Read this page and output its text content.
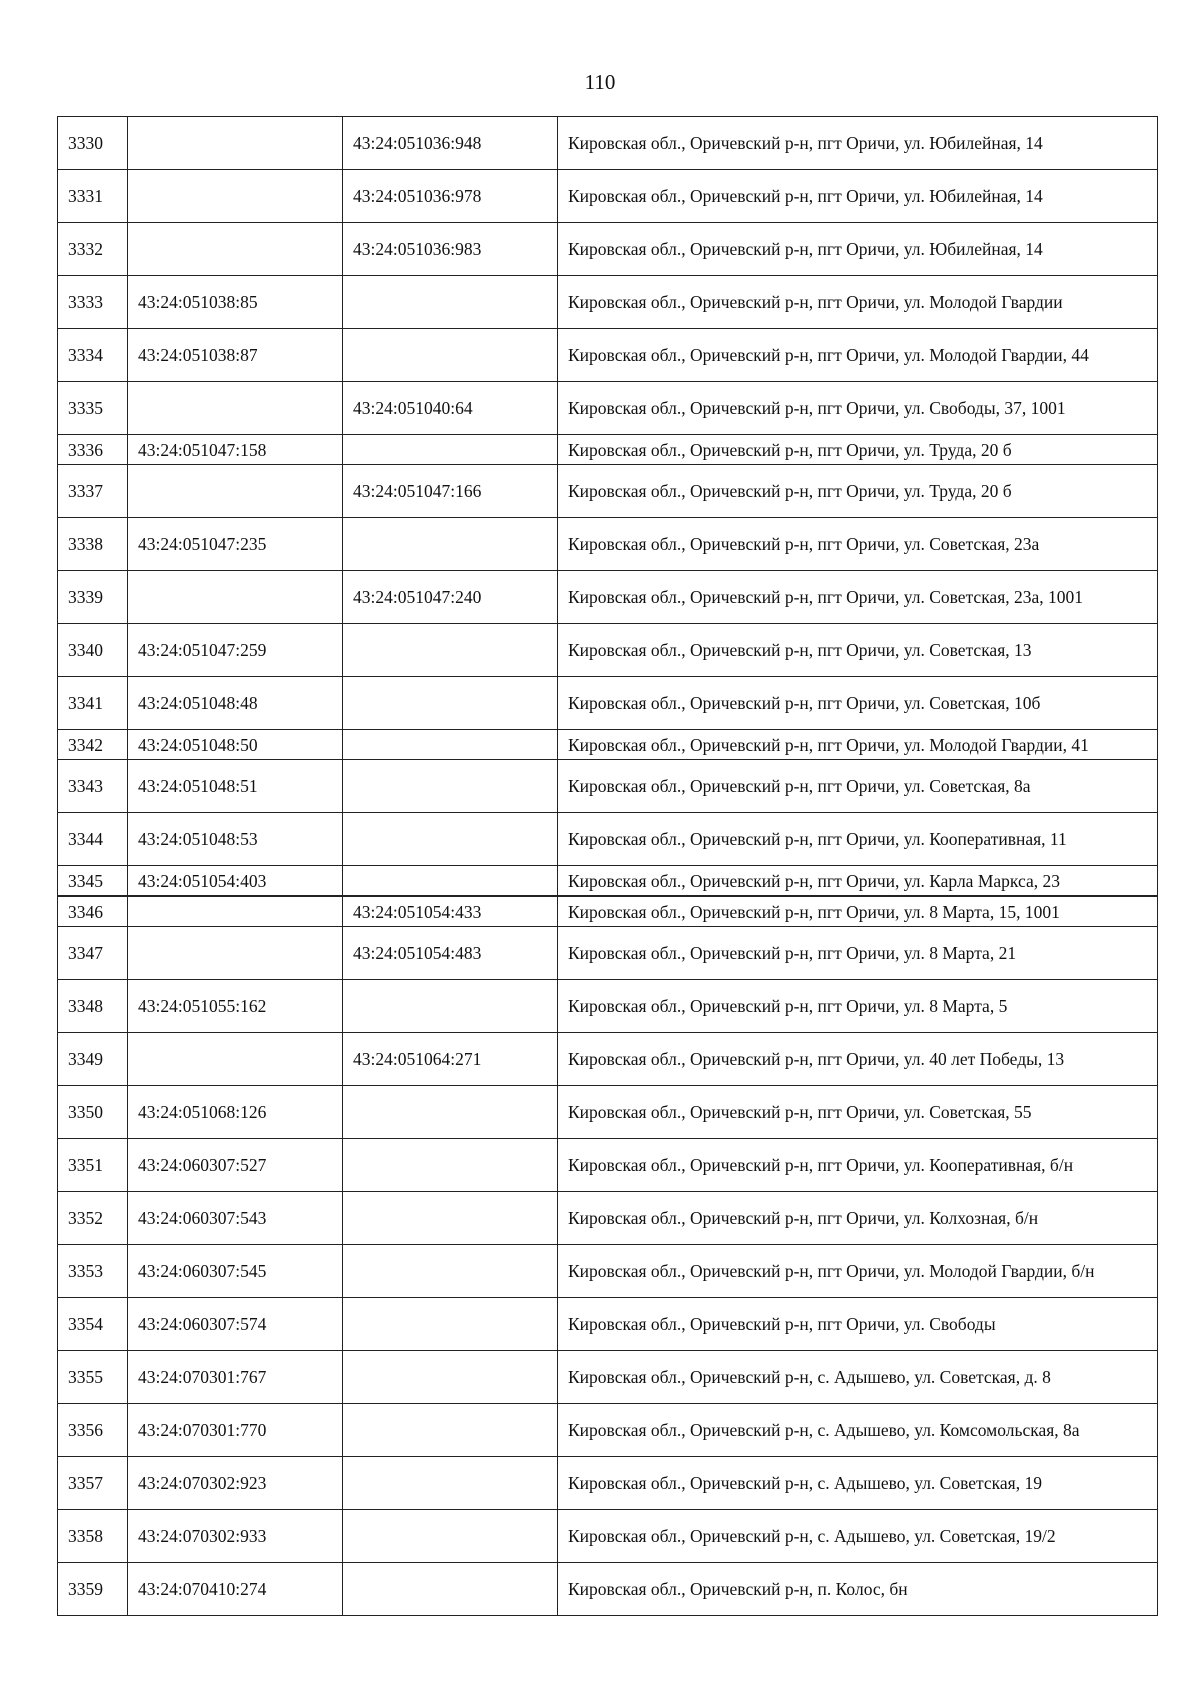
110
3330		43:24:051036:948	Кировская обл., Оричевский р-н, пгт Оричи, ул. Юбилейная, 14
3331		43:24:051036:978	Кировская обл., Оричевский р-н, пгт Оричи, ул. Юбилейная, 14
3332		43:24:051036:983	Кировская обл., Оричевский р-н, пгт Оричи, ул. Юбилейная, 14
3333	43:24:051038:85		Кировская обл., Оричевский р-н, пгт Оричи, ул. Молодой Гвардии
3334	43:24:051038:87		Кировская обл., Оричевский р-н, пгт Оричи, ул. Молодой Гвардии, 44
3335		43:24:051040:64	Кировская обл., Оричевский р-н, пгт Оричи, ул. Свободы, 37, 1001
3336	43:24:051047:158		Кировская обл., Оричевский р-н, пгт Оричи, ул. Труда, 20 б
3337		43:24:051047:166	Кировская обл., Оричевский р-н, пгт Оричи, ул. Труда, 20 б
3338	43:24:051047:235		Кировская обл., Оричевский р-н, пгт Оричи, ул. Советская, 23а
3339		43:24:051047:240	Кировская обл., Оричевский р-н, пгт Оричи, ул. Советская, 23а, 1001
3340	43:24:051047:259		Кировская обл., Оричевский р-н, пгт Оричи, ул. Советская, 13
3341	43:24:051048:48		Кировская обл., Оричевский р-н, пгт Оричи, ул. Советская, 10б
3342	43:24:051048:50		Кировская обл., Оричевский р-н, пгт Оричи, ул. Молодой Гвардии, 41
3343	43:24:051048:51		Кировская обл., Оричевский р-н, пгт Оричи, ул. Советская, 8а
3344	43:24:051048:53		Кировская обл., Оричевский р-н, пгт Оричи, ул. Кооперативная, 11
3345	43:24:051054:403		Кировская обл., Оричевский р-н, пгт Оричи, ул. Карла Маркса, 23
3346		43:24:051054:433	Кировская обл., Оричевский р-н, пгт Оричи, ул. 8 Марта, 15, 1001
3347		43:24:051054:483	Кировская обл., Оричевский р-н, пгт Оричи, ул. 8 Марта, 21
3348	43:24:051055:162		Кировская обл., Оричевский р-н, пгт Оричи, ул. 8 Марта, 5
3349		43:24:051064:271	Кировская обл., Оричевский р-н, пгт Оричи, ул. 40 лет Победы, 13
3350	43:24:051068:126		Кировская обл., Оричевский р-н, пгт Оричи, ул. Советская, 55
3351	43:24:060307:527		Кировская обл., Оричевский р-н, пгт Оричи, ул. Кооперативная, б/н
3352	43:24:060307:543		Кировская обл., Оричевский р-н, пгт Оричи, ул. Колхозная, б/н
3353	43:24:060307:545		Кировская обл., Оричевский р-н, пгт Оричи, ул. Молодой Гвардии, б/н
3354	43:24:060307:574		Кировская обл., Оричевский р-н, пгт Оричи, ул. Свободы
3355	43:24:070301:767		Кировская обл., Оричевский р-н, с. Адышево, ул. Советская, д. 8
3356	43:24:070301:770		Кировская обл., Оричевский р-н, с. Адышево, ул. Комсомольская, 8а
3357	43:24:070302:923		Кировская обл., Оричевский р-н, с. Адышево, ул. Советская, 19
3358	43:24:070302:933		Кировская обл., Оричевский р-н, с. Адышево, ул. Советская, 19/2
3359	43:24:070410:274		Кировская обл., Оричевский р-н, п. Колос, бн
